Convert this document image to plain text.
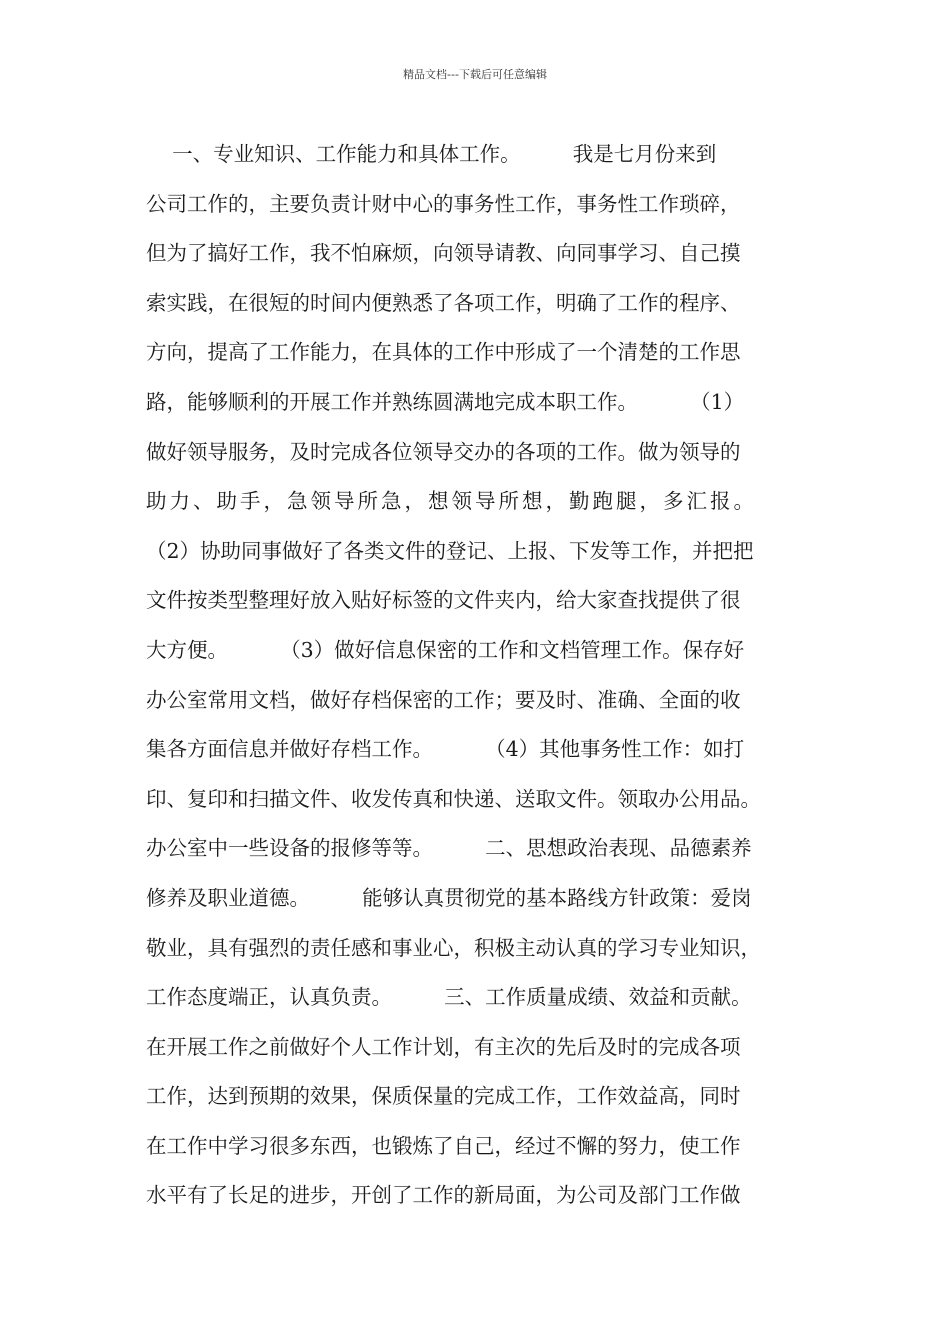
精品文档---下载后可任意编辑
一、专业知识、工作能力和具体工作。        我是七月份来到
公司工作的，主要负责计财中心的事务性工作，事务性工作琐碎，
但为了搞好工作，我不怕麻烦，向领导请教、向同事学习、自己摸
索实践，在很短的时间内便熟悉了各项工作，明确了工作的程序、
方向，提高了工作能力，在具体的工作中形成了一个清楚的工作思
路，能够顺利的开展工作并熟练圆满地完成本职工作。        （1）
做好领导服务，及时完成各位领导交办的各项的工作。做为领导的
助力、助手，急领导所急，想领导所想，勤跑腿，多汇报。
（2）协助同事做好了各类文件的登记、上报、下发等工作，并把把
文件按类型整理好放入贴好标签的文件夹内，给大家查找提供了很
大方便。        （3）做好信息保密的工作和文档管理工作。保存好
办公室常用文档，做好存档保密的工作；要及时、准确、全面的收
集各方面信息并做好存档工作。        （4）其他事务性工作：如打
印、复印和扫描文件、收发传真和快递、送取文件。领取办公用品。
办公室中一些设备的报修等等。        二、思想政治表现、品德素养
修养及职业道德。        能够认真贯彻党的基本路线方针政策：爱岗
敬业，具有强烈的责任感和事业心，积极主动认真的学习专业知识，
工作态度端正，认真负责。        三、工作质量成绩、效益和贡献。
在开展工作之前做好个人工作计划，有主次的先后及时的完成各项
工作，达到预期的效果，保质保量的完成工作，工作效益高，同时
在工作中学习很多东西，也锻炼了自己，经过不懈的努力，使工作
水平有了长足的进步，开创了工作的新局面，为公司及部门工作做
